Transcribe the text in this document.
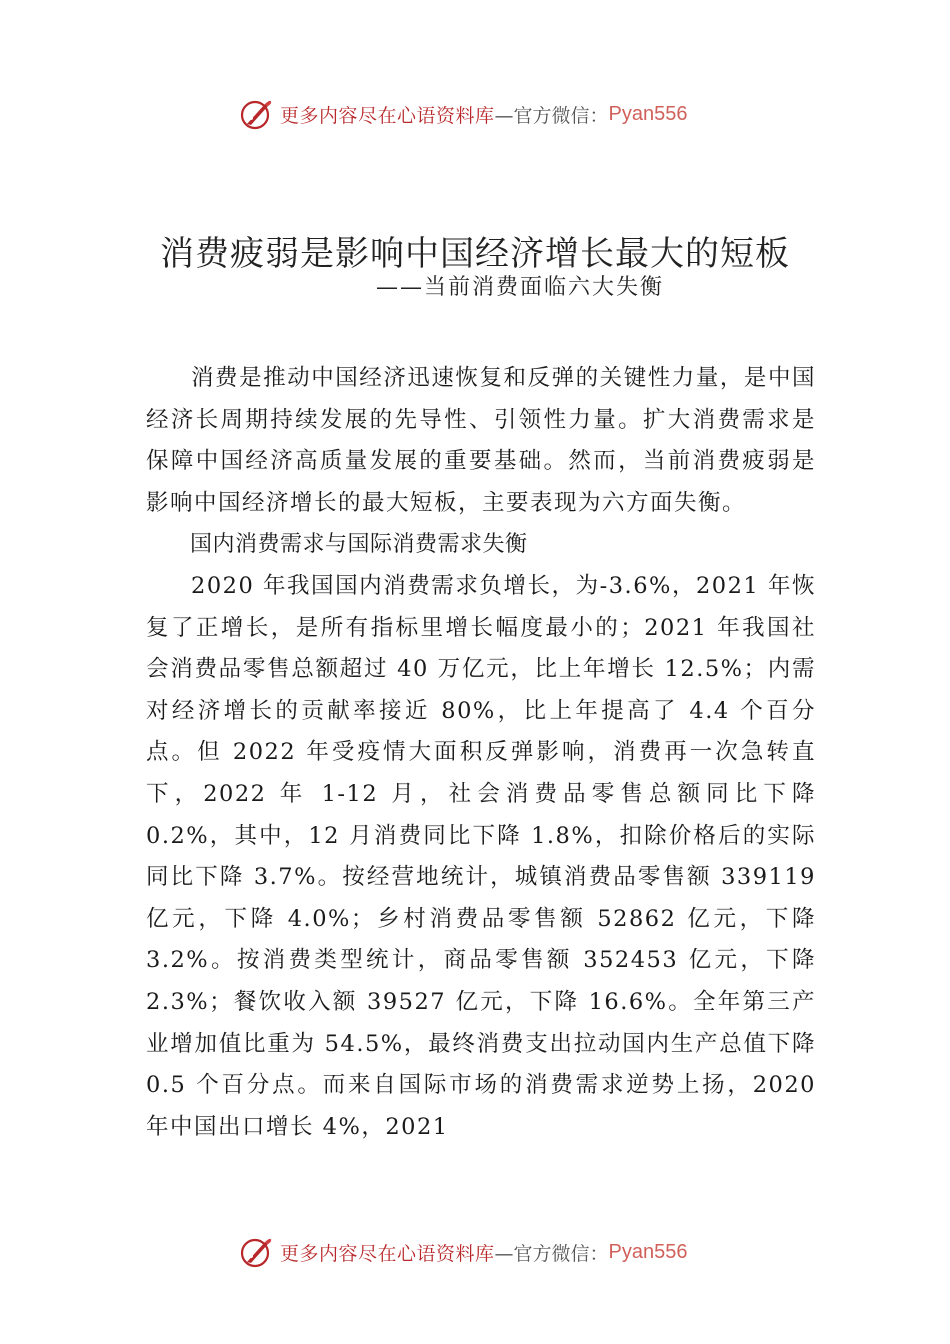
更多内容尽在心语资料库 —官方微信： Pyan556
消费疲弱是影响中国经济增长最大的短板
——当前消费面临六大失衡

消费是推动中国经济迅速恢复和反弹的关键性力量，是中国经济长周期持续发展的先导性、引领性力量。扩大消费需求是保障中国经济高质量发展的重要基础。然而，当前消费疲弱是影响中国经济增长的最大短板，主要表现为六方面失衡。

国内消费需求与国际消费需求失衡

2020 年我国国内消费需求负增长，为-3.6%，2021 年恢复了正增长，是所有指标里增长幅度最小的；2021 年我国社会消费品零售总额超过 40 万亿元，比上年增长 12.5%；内需对经济增长的贡献率接近 80%，比上年提高了 4.4 个百分点。但 2022 年受疫情大面积反弹影响，消费再一次急转直下，2022 年 1-12 月，社会消费品零售总额同比下降 0.2%，其中，12 月消费同比下降 1.8%，扣除价格后的实际同比下降 3.7%。按经营地统计，城镇消费品零售额 339119 亿元，下降 4.0%；乡村消费品零售额 52862 亿元，下降 3.2%。按消费类型统计，商品零售额 352453 亿元，下降 2.3%；餐饮收入额 39527 亿元，下降 16.6%。全年第三产业增加值比重为 54.5%，最终消费支出拉动国内生产总值下降 0.5 个百分点。而来自国际市场的消费需求逆势上扬，2020 年中国出口增长 4%，2021

更多内容尽在心语资料库 —官方微信： Pyan556
